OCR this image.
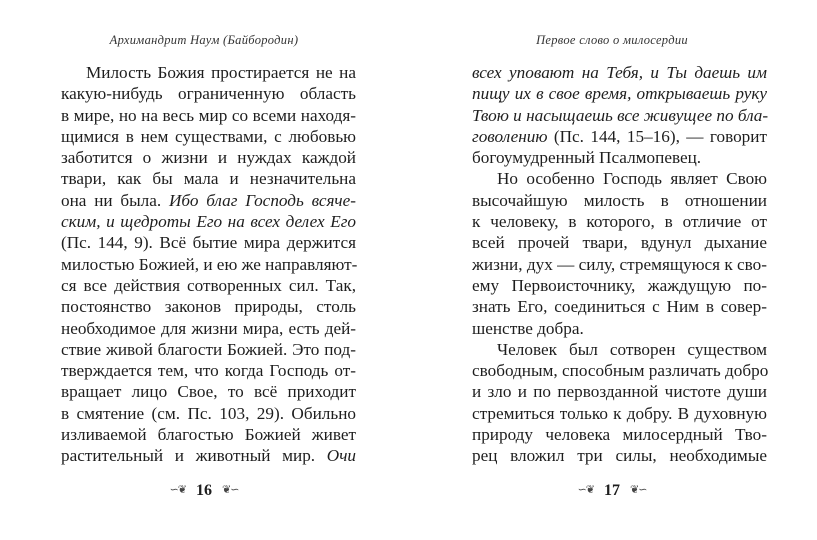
Архимандрит Наум (Байбородин)
Милость Божия простирается не на
какую-нибудь ограниченную область
в мире, но на весь мир со всеми находя-
щимися в нем существами, с любовью
заботится о жизни и нуждах каждой
твари, как бы мала и незначительна
она ни была. Ибо благ Господь всяче-
ским, и щедроты Его на всех делех Его
(Пс. 144, 9). Всё бытие мира держится
милостью Божией, и ею же направляют-
ся все действия сотворенных сил. Так,
постоянство законов природы, столь
необходимое для жизни мира, есть дей-
ствие живой благости Божией. Это под-
тверждается тем, что когда Господь от-
вращает лицо Свое, то всё приходит
в смятение (см. Пс. 103, 29). Обильно
изливаемой благостью Божией живет
растительный и животный мир. Очи
∽❦ 16 ❦∽
Первое слово о милосердии
всех уповают на Тебя, и Ты даешь им
пищу их в свое время, открываешь руку
Твою и насыщаешь все живущее по бла-
говолению (Пс. 144, 15–16), — говорит
богоумудренный Псалмопевец.
Но особенно Господь являет Свою
высочайшую милость в отношении
к человеку, в которого, в отличие от
всей прочей твари, вдунул дыхание
жизни, дух — силу, стремящуюся к сво-
ему Первоисточнику, жаждущую по-
знать Его, соединиться с Ним в совер-
шенстве добра.
Человек был сотворен существом
свободным, способным различать добро
и зло и по первозданной чистоте души
стремиться только к добру. В духовную
природу человека милосердный Тво-
рец вложил три силы, необходимые
∽❦ 17 ❦∽
